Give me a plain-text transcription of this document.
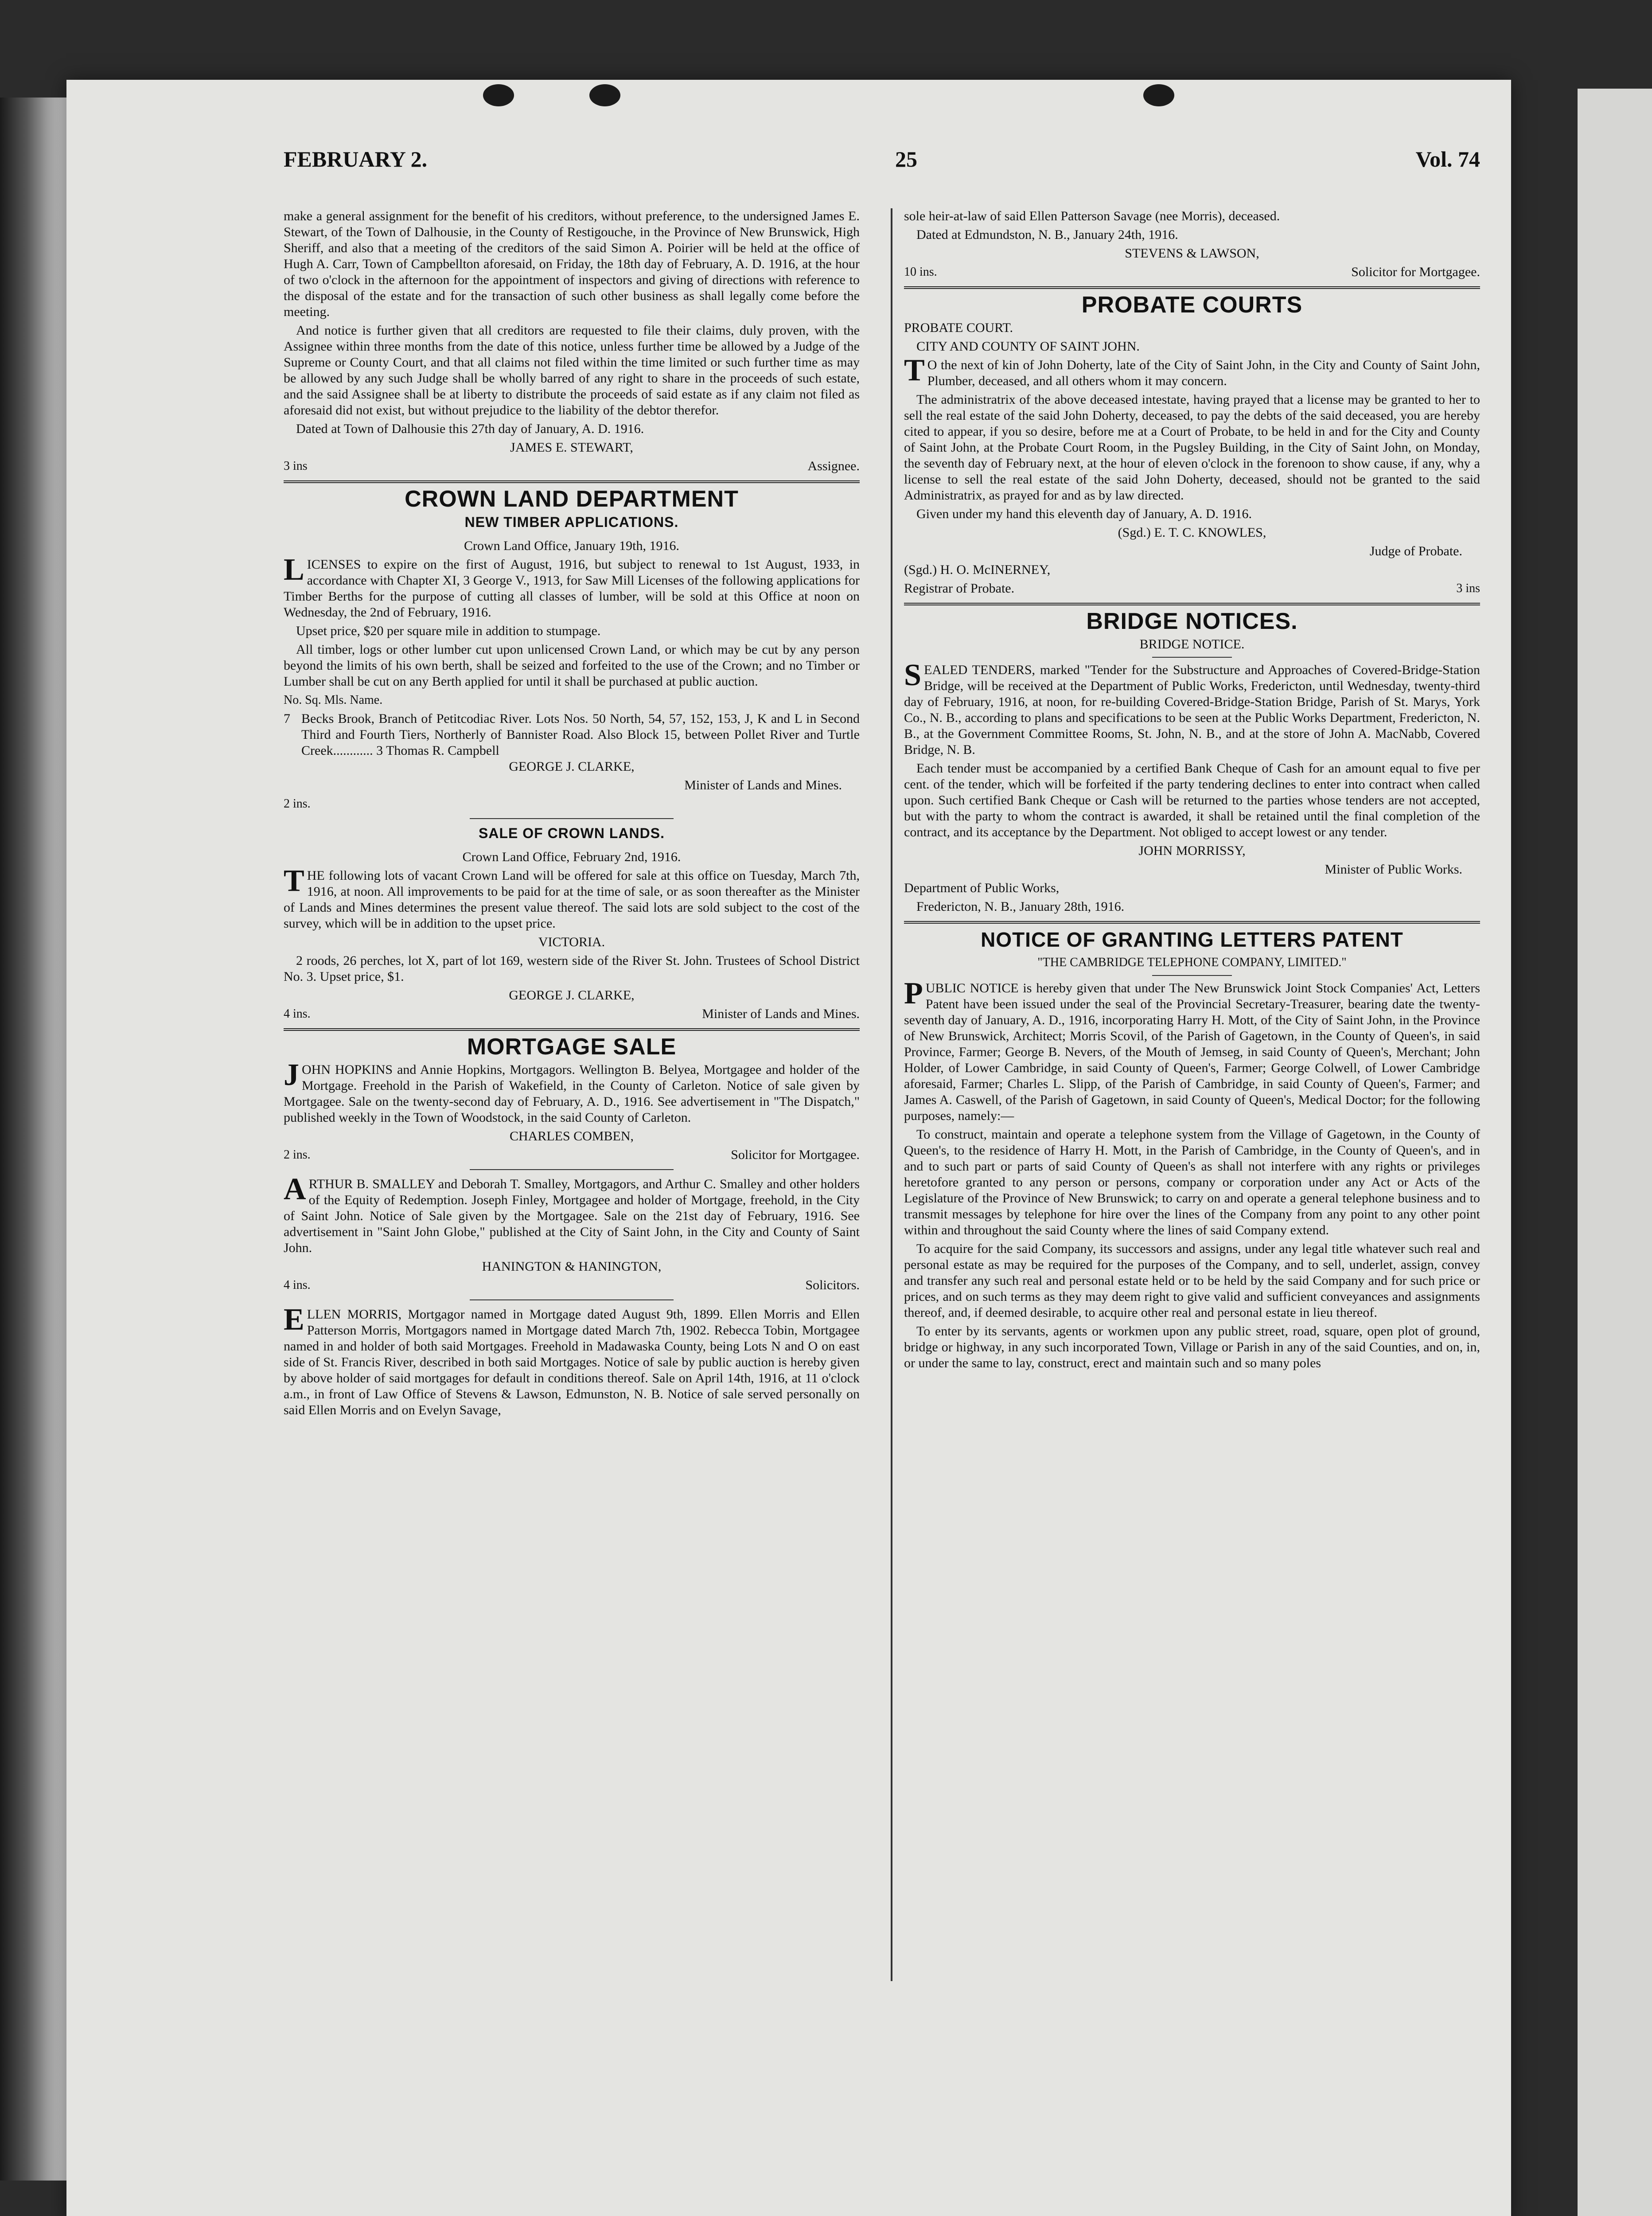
FEBRUARY 2.	25	Vol. 74

make a general assignment for the benefit of his creditors, without preference, to the undersigned James E. Stewart, of the Town of Dalhousie, in the County of Restigouche, in the Province of New Brunswick, High Sheriff, and also that a meeting of the creditors of the said Simon A. Poirier will be held at the office of Hugh A. Carr, Town of Campbellton aforesaid, on Friday, the 18th day of February, A. D. 1916, at the hour of two o'clock in the afternoon for the appointment of inspectors and giving of directions with reference to the disposal of the estate and for the transaction of such other business as shall legally come before the meeting.

And notice is further given that all creditors are requested to file their claims, duly proven, with the Assignee within three months from the date of this notice, unless further time be allowed by a Judge of the Supreme or County Court, and that all claims not filed within the time limited or such further time as may be allowed by any such Judge shall be wholly barred of any right to share in the proceeds of such estate, and the said Assignee shall be at liberty to distribute the proceeds of said estate as if any claim not filed as aforesaid did not exist, but without prejudice to the liability of the debtor therefor.

Dated at Town of Dalhousie this 27th day of January, A. D. 1916.

JAMES E. STEWART,

3 ins	Assignee.
CROWN LAND DEPARTMENT
NEW TIMBER APPLICATIONS.

Crown Land Office, January 19th, 1916.

LICENSES to expire on the first of August, 1916, but subject to renewal to 1st August, 1933, in accordance with Chapter XI, 3 George V., 1913, for Saw Mill Licenses of the following applications for Timber Berths for the purpose of cutting all classes of lumber, will be sold at this Office at noon on Wednesday, the 2nd of February, 1916.

Upset price, $20 per square mile in addition to stumpage.

All timber, logs or other lumber cut upon unlicensed Crown Land, or which may be cut by any person beyond the limits of his own berth, shall be seized and forfeited to the use of the Crown; and no Timber or Lumber shall be cut on any Berth applied for until it shall be purchased at public auction.

No. Sq. Mls. Name.

7 Becks Brook, Branch of Petitcodiac River. Lots Nos. 50 North, 54, 57, 152, 153, J, K and L in Second Third and Fourth Tiers, Northerly of Bannister Road. Also Block 15, between Pollet River and Turtle Creek............ 3 Thomas R. Campbell

GEORGE J. CLARKE,

Minister of Lands and Mines.

2 ins.

SALE OF CROWN LANDS.

Crown Land Office, February 2nd, 1916.

THE following lots of vacant Crown Land will be offered for sale at this office on Tuesday, March 7th, 1916, at noon. All improvements to be paid for at the time of sale, or as soon thereafter as the Minister of Lands and Mines determines the present value thereof. The said lots are sold subject to the cost of the survey, which will be in addition to the upset price.

VICTORIA.

2 roods, 26 perches, lot X, part of lot 169, western side of the River St. John. Trustees of School District No. 3. Upset price, $1.

GEORGE J. CLARKE,

4 ins.	Minister of Lands and Mines.
MORTGAGE SALE

JOHN HOPKINS and Annie Hopkins, Mortgagors. Wellington B. Belyea, Mortgagee and holder of the Mortgage. Freehold in the Parish of Wakefield, in the County of Carleton. Notice of sale given by Mortgagee. Sale on the twenty-second day of February, A. D., 1916. See advertisement in "The Dispatch," published weekly in the Town of Woodstock, in the said County of Carleton.

CHARLES COMBEN,

2 ins.	Solicitor for Mortgagee.

ARTHUR B. SMALLEY and Deborah T. Smalley, Mortgagors, and Arthur C. Smalley and other holders of the Equity of Redemption. Joseph Finley, Mortgagee and holder of Mortgage, freehold, in the City of Saint John. Notice of Sale given by the Mortgagee. Sale on the 21st day of February, 1916. See advertisement in "Saint John Globe," published at the City of Saint John, in the City and County of Saint John.

HANINGTON & HANINGTON,

4 ins.	Solicitors.

ELLEN MORRIS, Mortgagor named in Mortgage dated August 9th, 1899. Ellen Morris and Ellen Patterson Morris, Mortgagors named in Mortgage dated March 7th, 1902. Rebecca Tobin, Mortgagee named in and holder of both said Mortgages. Freehold in Madawaska County, being Lots N and O on east side of St. Francis River, described in both said Mortgages. Notice of sale by public auction is hereby given by above holder of said mortgages for default in conditions thereof. Sale on April 14th, 1916, at 11 o'clock a.m., in front of Law Office of Stevens & Lawson, Edmunston, N. B. Notice of sale served personally on said Ellen Morris and on Evelyn Savage,

sole heir-at-law of said Ellen Patterson Savage (nee Morris), deceased.

Dated at Edmundston, N. B., January 24th, 1916.

STEVENS & LAWSON,

10 ins.	Solicitor for Mortgagee.
PROBATE COURTS

PROBATE COURT.

CITY AND COUNTY OF SAINT JOHN.

TO the next of kin of John Doherty, late of the City of Saint John, in the City and County of Saint John, Plumber, deceased, and all others whom it may concern.

The administratrix of the above deceased intestate, having prayed that a license may be granted to her to sell the real estate of the said John Doherty, deceased, to pay the debts of the said deceased, you are hereby cited to appear, if you so desire, before me at a Court of Probate, to be held in and for the City and County of Saint John, at the Probate Court Room, in the Pugsley Building, in the City of Saint John, on Monday, the seventh day of February next, at the hour of eleven o'clock in the forenoon to show cause, if any, why a license to sell the real estate of the said John Doherty, deceased, should not be granted to the said Administratrix, as prayed for and as by law directed.

Given under my hand this eleventh day of January, A. D. 1916.

(Sgd.) E. T. C. KNOWLES,

Judge of Probate.

(Sgd.) H. O. McINERNEY,

Registrar of Probate.	3 ins
BRIDGE NOTICES.

BRIDGE NOTICE.

SEALED TENDERS, marked "Tender for the Substructure and Approaches of Covered-Bridge-Station Bridge, will be received at the Department of Public Works, Fredericton, until Wednesday, twenty-third day of February, 1916, at noon, for re-building Covered-Bridge-Station Bridge, Parish of St. Marys, York Co., N. B., according to plans and specifications to be seen at the Public Works Department, Fredericton, N. B., at the Government Committee Rooms, St. John, N. B., and at the store of John A. MacNabb, Covered Bridge, N. B.

Each tender must be accompanied by a certified Bank Cheque of Cash for an amount equal to five per cent. of the tender, which will be forfeited if the party tendering declines to enter into contract when called upon. Such certified Bank Cheque or Cash will be returned to the parties whose tenders are not accepted, but with the party to whom the contract is awarded, it shall be retained until the final completion of the contract, and its acceptance by the Department. Not obliged to accept lowest or any tender.

JOHN MORRISSY,

Minister of Public Works.

Department of Public Works,

Fredericton, N. B., January 28th, 1916.

NOTICE OF GRANTING LETTERS PATENT

"THE CAMBRIDGE TELEPHONE COMPANY, LIMITED."

PUBLIC NOTICE is hereby given that under The New Brunswick Joint Stock Companies' Act, Letters Patent have been issued under the seal of the Provincial Secretary-Treasurer, bearing date the twenty-seventh day of January, A. D., 1916, incorporating Harry H. Mott, of the City of Saint John, in the Province of New Brunswick, Architect; Morris Scovil, of the Parish of Gagetown, in the County of Queen's, in said Province, Farmer; George B. Nevers, of the Mouth of Jemseg, in said County of Queen's, Merchant; John Holder, of Lower Cambridge, in said County of Queen's, Farmer; George Colwell, of Lower Cambridge aforesaid, Farmer; Charles L. Slipp, of the Parish of Cambridge, in said County of Queen's, Farmer; and James A. Caswell, of the Parish of Gagetown, in said County of Queen's, Medical Doctor; for the following purposes, namely:—

To construct, maintain and operate a telephone system from the Village of Gagetown, in the County of Queen's, to the residence of Harry H. Mott, in the Parish of Cambridge, in the County of Queen's, and in and to such part or parts of said County of Queen's as shall not interfere with any rights or privileges heretofore granted to any person or persons, company or corporation under any Act or Acts of the Legislature of the Province of New Brunswick; to carry on and operate a general telephone business and to transmit messages by telephone for hire over the lines of the Company from any point to any other point within and throughout the said County where the lines of said Company extend.

To acquire for the said Company, its successors and assigns, under any legal title whatever such real and personal estate as may be required for the purposes of the Company, and to sell, underlet, assign, convey and transfer any such real and personal estate held or to be held by the said Company and for such price or prices, and on such terms as they may deem right to give valid and sufficient conveyances and assignments thereof, and, if deemed desirable, to acquire other real and personal estate in lieu thereof.

To enter by its servants, agents or workmen upon any public street, road, square, open plot of ground, bridge or highway, in any such incorporated Town, Village or Parish in any of the said Counties, and on, in, or under the same to lay, construct, erect and maintain such and so many poles
